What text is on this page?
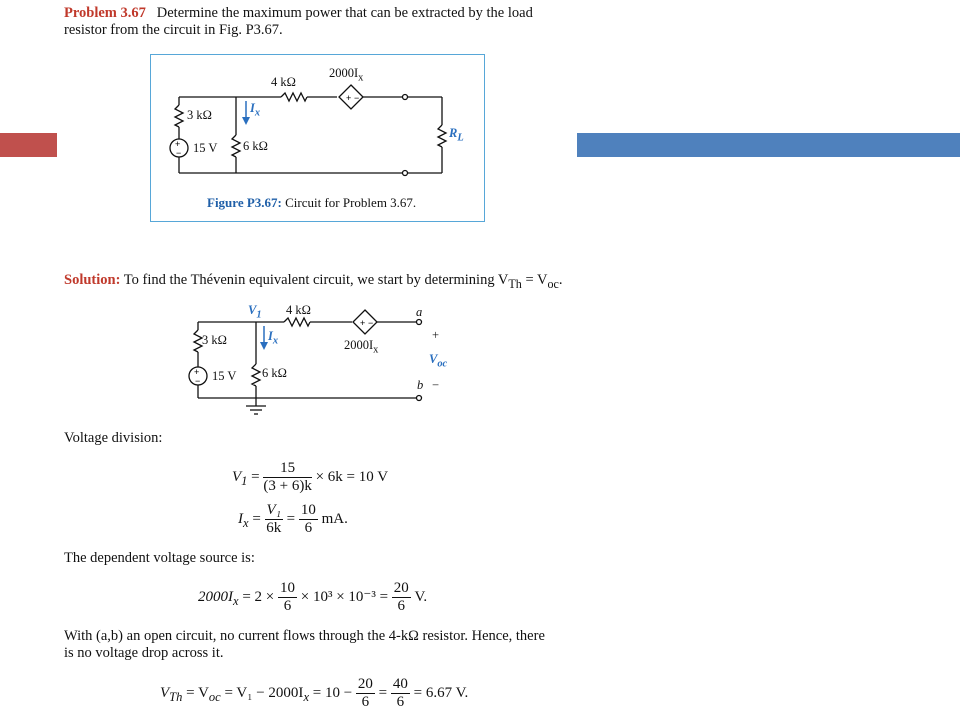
Problem 3.67 Determine the maximum power that can be extracted by the load
resistor from the circuit in Fig. P3.67.
+ −
+
−
4 kΩ
$2000I_x$
3 kΩ	$I_x$
15 V 6 kΩ
$R_L$
Figure P3.67: Circuit for Problem 3.67.
Solution: To find the Thévenin equivalent circuit, we start by determining $V_{Th} = V_{oc}$.
+ −
+
−
$V_1$ 4 kΩ	a
+
$V_{oc}$
b −
3 kΩ	$I_x$	$2000I_x$
15 V 6 kΩ
Voltage division:
$V_1 = \frac{15}{(3 + 6)k} \times 6k = 10$ V
$I_x = \frac{\text{V₁}}{6k} = \frac{10}{6}$ mA.
The dependent voltage source is:
$2000I_x = 2 \times \frac{10}{6} \times 10^3 \times 10^{-3} = \frac{20}{6} V$.
With (a,b) an open circuit, no current flows through the 4-kΩ resistor. Hence, there
is no voltage drop across it.
$V_{Th} = V_{oc} = V_1 - 2000I_x = 10 - \frac{20}{6} = \frac{40}{6} = 6.67$ V.
